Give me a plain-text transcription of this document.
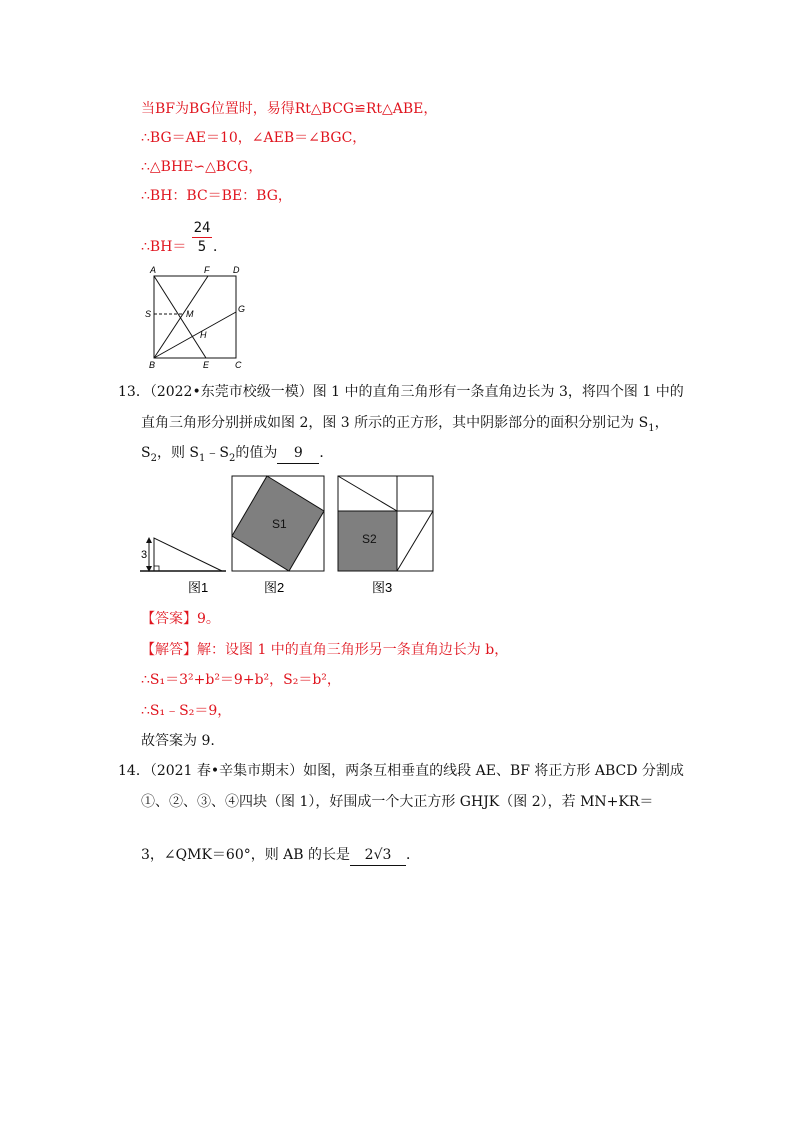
当BF为BG位置时，易得Rt△BCG≌Rt△ABE，
∴BG＝AE＝10，∠AEB＝∠BGC，
∴△BHE∽△BCG，
∴BH：BC＝BE：BG，
∴BH＝ $\frac{24}{5}$ ．
A	F	D
S	M	G
H
B	E	C
13．（2022•东莞市校级一模）图 1 中的直角三角形有一条直角边长为 3，将四个图 1 中的
直角三角形分别拼成如图 2，图 3 所示的正方形，其中阴影部分的面积分别记为 $S_1$，
$S_2$，则 $S_1﹣S_2$的值为 9 ．
3
图1
S1
图2
S2
图3
【答案】9。
【解答】解：设图 1 中的直角三角形另一条直角边长为 b，
∴S₁＝3²+b²＝9+b²，S₂＝b²，
∴S₁﹣S₂＝9，
故答案为 9.
14．（2021 春•辛集市期末）如图，两条互相垂直的线段 AE、BF 将正方形 ABCD 分割成
①、②、③、④四块（图 1），好围成一个大正方形 GHJK（图 2），若 MN+KR＝
3，∠QMK＝60°，则 AB 的长是 2√3 ．
